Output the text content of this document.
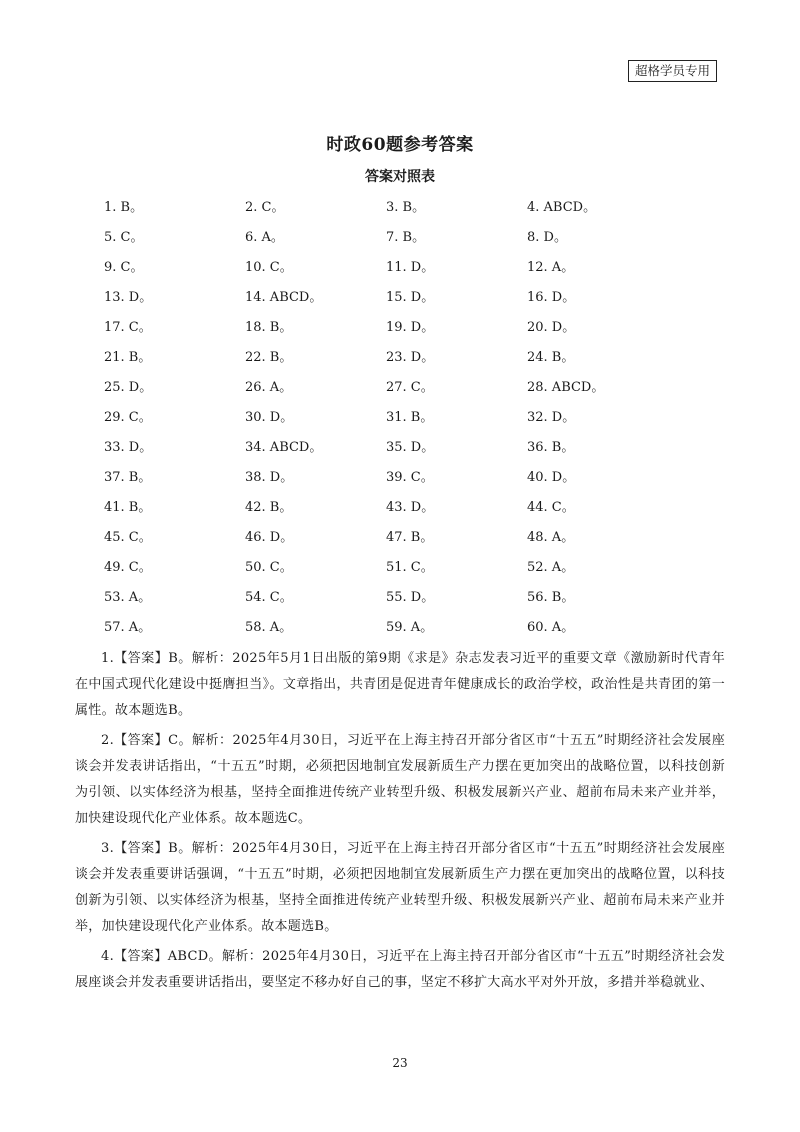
超格学员专用
时政60题参考答案
答案对照表
1. B。	2. C。	3. B。	4. ABCD。
5. C。	6. A。	7. B。	8. D。
9. C。	10. C。	11. D。	12. A。
13. D。	14. ABCD。	15. D。	16. D。
17. C。	18. B。	19. D。	20. D。
21. B。	22. B。	23. D。	24. B。
25. D。	26. A。	27. C。	28. ABCD。
29. C。	30. D。	31. B。	32. D。
33. D。	34. ABCD。	35. D。	36. B。
37. B。	38. D。	39. C。	40. D。
41. B。	42. B。	43. D。	44. C。
45. C。	46. D。	47. B。	48. A。
49. C。	50. C。	51. C。	52. A。
53. A。	54. C。	55. D。	56. B。
57. A。	58. A。	59. A。	60. A。

1.【答案】B。解析：2025年5月1日出版的第9期《求是》杂志发表习近平的重要文章《激励新时代青年在中国式现代化建设中挺膺担当》。文章指出，共青团是促进青年健康成长的政治学校，政治性是共青团的第一属性。故本题选B。

2.【答案】C。解析：2025年4月30日，习近平在上海主持召开部分省区市“十五五”时期经济社会发展座谈会并发表讲话指出，“十五五”时期，必须把因地制宜发展新质生产力摆在更加突出的战略位置，以科技创新为引领、以实体经济为根基，坚持全面推进传统产业转型升级、积极发展新兴产业、超前布局未来产业并举，加快建设现代化产业体系。故本题选C。

3.【答案】B。解析：2025年4月30日，习近平在上海主持召开部分省区市“十五五”时期经济社会发展座谈会并发表重要讲话强调，“十五五”时期，必须把因地制宜发展新质生产力摆在更加突出的战略位置，以科技创新为引领、以实体经济为根基，坚持全面推进传统产业转型升级、积极发展新兴产业、超前布局未来产业并举，加快建设现代化产业体系。故本题选B。

4.【答案】ABCD。解析：2025年4月30日，习近平在上海主持召开部分省区市“十五五”时期经济社会发展座谈会并发表重要讲话指出，要坚定不移办好自己的事，坚定不移扩大高水平对外开放，多措并举稳就业、

23
